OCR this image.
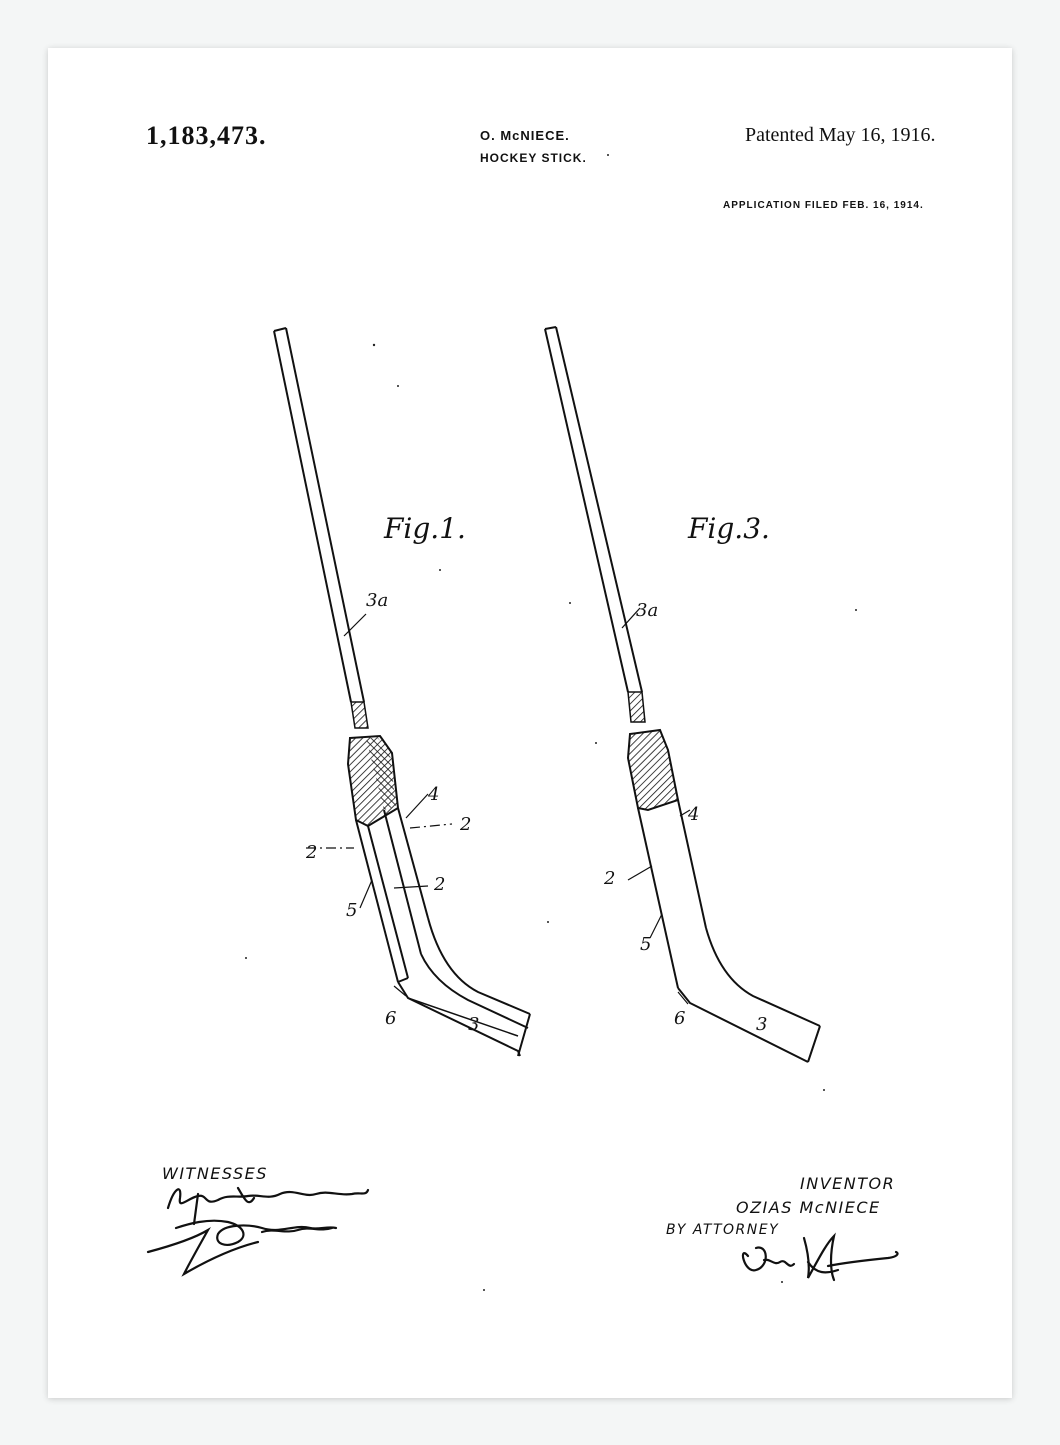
1,183,473.	O. McNIECE.
HOCKEY STICK.
Patented May 16, 1916.
APPLICATION FILED FEB. 16, 1914.
Fig.1.	Fig.3.
3a
4
2
2
2
5
6	3
3a
4
2
5
6	3
WITNESSES
INVENTOR
OZIAS McNIECE
BY ATTORNEY
